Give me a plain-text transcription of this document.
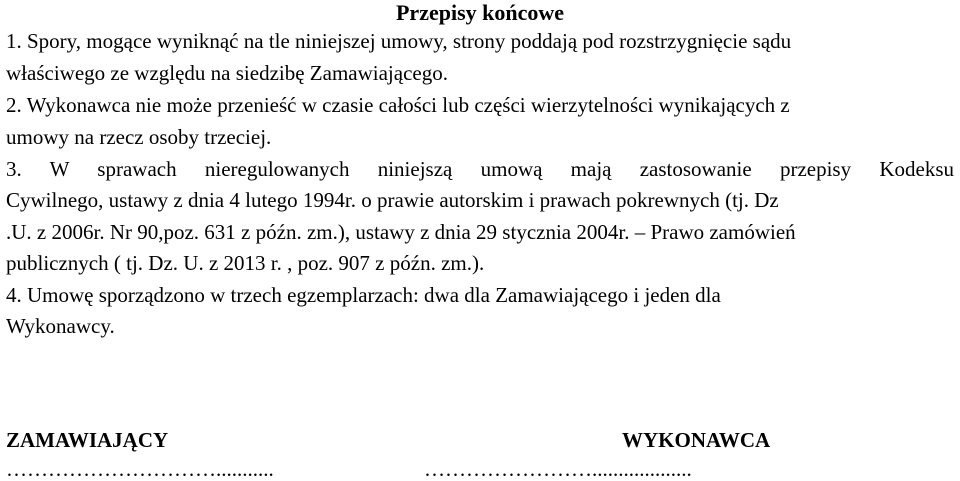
Przepisy końcowe

1. Spory, mogące wyniknąć na tle niniejszej umowy, strony poddają pod rozstrzygnięcie sądu

właściwego ze względu na siedzibę Zamawiającego.

2. Wykonawca nie może przenieść w czasie całości lub części wierzytelności wynikających z

umowy na rzecz osoby trzeciej.

3. W sprawach nieregulowanych niniejszą umową mają zastosowanie przepisy Kodeksu

Cywilnego, ustawy z dnia 4 lutego 1994r. o prawie autorskim i prawach pokrewnych (tj. Dz

.U. z 2006r. Nr 90,poz. 631 z późn. zm.), ustawy z dnia 29 stycznia 2004r. – Prawo zamówień

publicznych ( tj. Dz. U. z 2013 r. , poz. 907 z późn. zm.).

4. Umowę sporządzono w trzech egzemplarzach: dwa dla Zamawiającego i jeden dla

Wykonawcy.

ZAMAWIAJĄCY	WYKONAWCA

…………………………...........	……………………...................
